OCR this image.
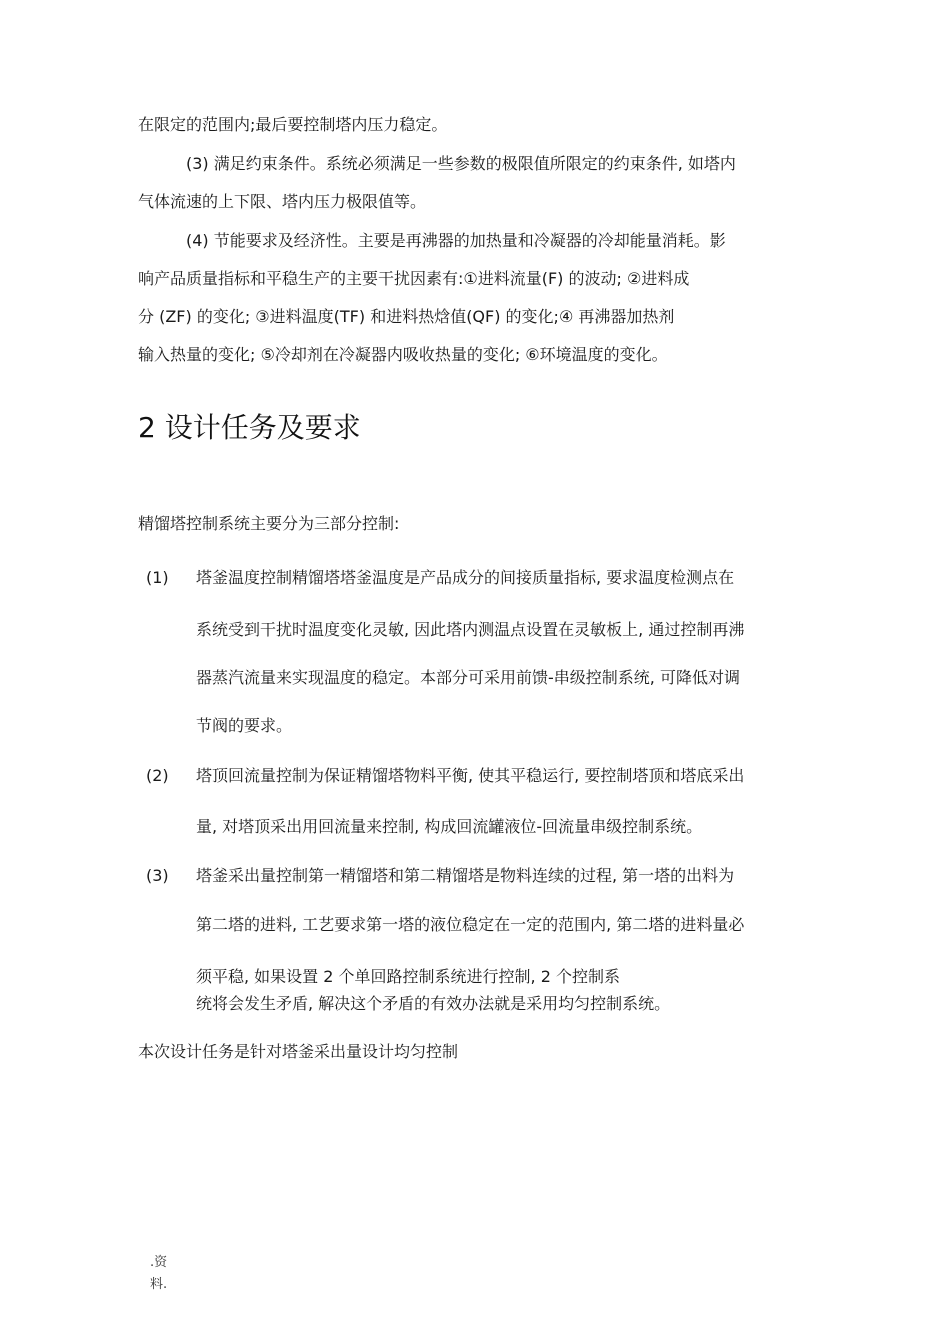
在限定的范围内;最后要控制塔内压力稳定。
(3) 满足约束条件。系统必须满足一些参数的极限值所限定的约束条件, 如塔内
气体流速的上下限、塔内压力极限值等。
(4) 节能要求及经济性。主要是再沸器的加热量和冷凝器的冷却能量消耗。影
响产品质量指标和平稳生产的主要干扰因素有:①进料流量(F) 的波动; ②进料成
分 (ZF) 的变化; ③进料温度(TF) 和进料热焓值(QF) 的变化;④ 再沸器加热剂
输入热量的变化; ⑤冷却剂在冷凝器内吸收热量的变化; ⑥环境温度的变化。
2 设计任务及要求
精馏塔控制系统主要分为三部分控制:
(1) 塔釜温度控制精馏塔塔釜温度是产品成分的间接质量指标, 要求温度检测点在
系统受到干扰时温度变化灵敏, 因此塔内测温点设置在灵敏板上, 通过控制再沸
器蒸汽流量来实现温度的稳定。本部分可采用前馈-串级控制系统, 可降低对调
节阀的要求。
(2) 塔顶回流量控制为保证精馏塔物料平衡, 使其平稳运行, 要控制塔顶和塔底采出
量, 对塔顶采出用回流量来控制, 构成回流罐液位-回流量串级控制系统。
(3) 塔釜采出量控制第一精馏塔和第二精馏塔是物料连续的过程, 第一塔的出料为
第二塔的进料, 工艺要求第一塔的液位稳定在一定的范围内, 第二塔的进料量必
须平稳, 如果设置 2 个单回路控制系统进行控制, 2 个控制系
统将会发生矛盾, 解决这个矛盾的有效办法就是采用均匀控制系统。
本次设计任务是针对塔釜采出量设计均匀控制
.资
料.
